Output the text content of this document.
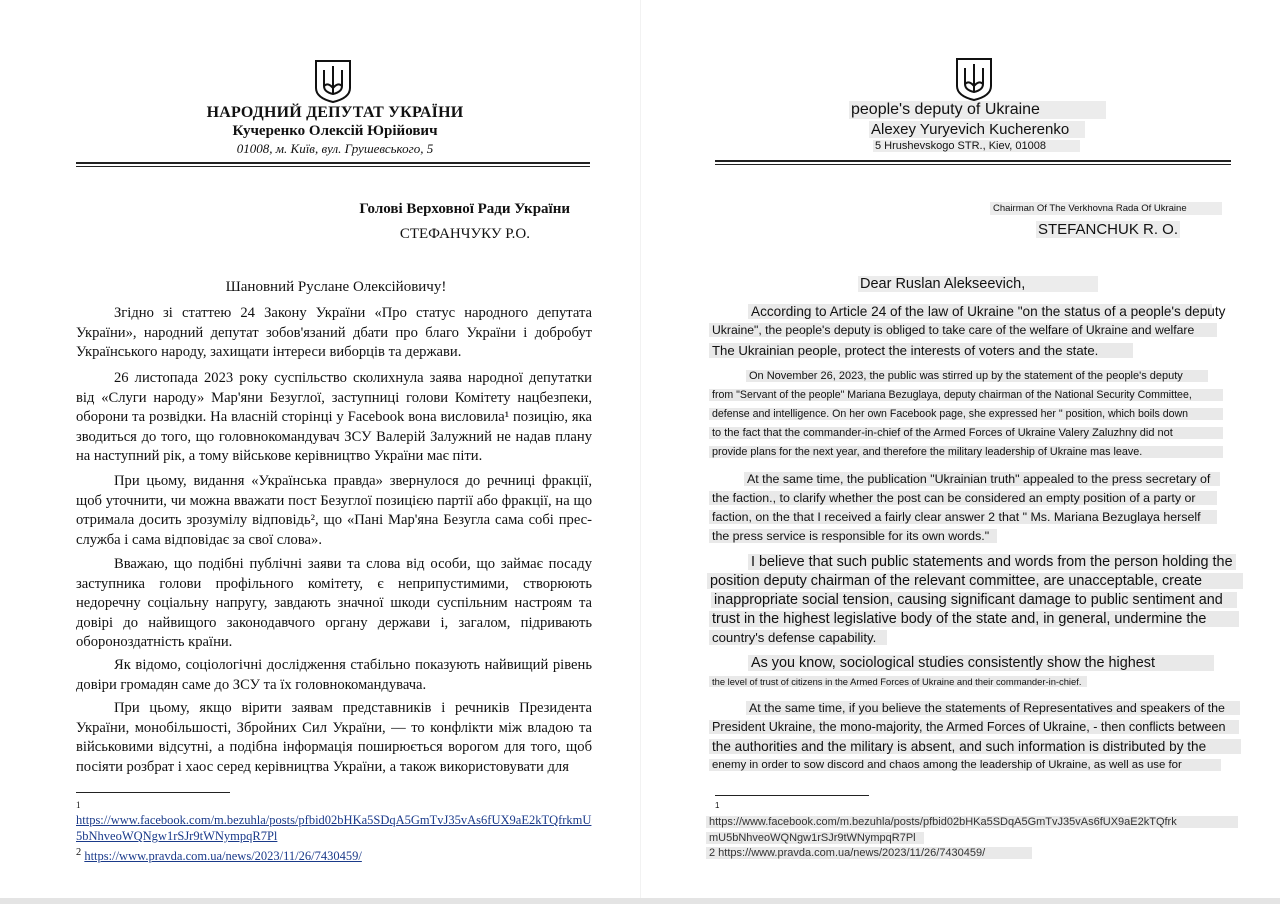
НАРОДНИЙ ДЕПУТАТ УКРАЇНИ
Кучеренко Олексій Юрійович
01008, м. Київ, вул. Грушевського, 5
Голові Верховної Ради України
СТЕФАНЧУКУ Р.О.
Шановний Руслане Олексійовичу!
Згідно зі статтею 24 Закону України «Про статус народного депутата України», народний депутат зобов'язаний дбати про благо України і добробут Українського народу, захищати інтереси виборців та держави.
26 листопада 2023 року суспільство сколихнула заява народної депутатки від «Слуги народу» Мар'яни Безуглої, заступниці голови Комітету нацбезпеки, оборони та розвідки. На власній сторінці у Facebook вона висловила¹ позицію, яка зводиться до того, що головнокомандувач ЗСУ Валерій Залужний не надав плану на наступний рік, а тому військове керівництво України має піти.
При цьому, видання «Українська правда» звернулося до речниці фракції, щоб уточнити, чи можна вважати пост Безуглої позицією партії або фракції, на що отримала досить зрозумілу відповідь², що «Пані Мар'яна Безугла сама собі прес-служба і сама відповідає за свої слова».
Вважаю, що подібні публічні заяви та слова від особи, що займає посаду заступника голови профільного комітету, є неприпустимими, створюють недоречну соціальну напругу, завдають значної шкоди суспільним настроям та довірі до найвищого законодавчого органу держави і, загалом, підривають обороноздатність країни.
Як відомо, соціологічні дослідження стабільно показують найвищий рівень довіри громадян саме до ЗСУ та їх головнокомандувача.
При цьому, якщо вірити заявам представників і речників Президента України, монобільшості, Збройних Сил України, — то конфлікти між владою та військовими відсутні, а подібна інформація поширюється ворогом для того, щоб посіяти розбрат і хаос серед керівництва України, а також використовувати для
1
https://www.facebook.com/m.bezuhla/posts/pfbid02bHKa5SDqA5GmTvJ35vAs6fUX9aE2kTQfrkmU5bNhveoWQNgw1rSJr9tWNympqR7Pl
$^2$ https://www.pravda.com.ua/news/2023/11/26/7430459/
people's deputy of Ukraine
Alexey Yuryevich Kucherenko
5 Hrushevskogo STR., Kiev, 01008
Chairman Of The Verkhovna Rada Of Ukraine
STEFANCHUK R. O.
Dear Ruslan Alekseevich,
According to Article 24 of the law of Ukraine "on the status of a people's deputy
Ukraine", the people's deputy is obliged to take care of the welfare of Ukraine and welfare
The Ukrainian people, protect the interests of voters and the state.
On November 26, 2023, the public was stirred up by the statement of the people's deputy
from "Servant of the people" Mariana Bezuglaya, deputy chairman of the National Security Committee,
defense and intelligence. On her own Facebook page, she expressed her " position, which boils down
to the fact that the commander-in-chief of the Armed Forces of Ukraine Valery Zaluzhny did not
provide plans for the next year, and therefore the military leadership of Ukraine mas leave.
At the same time, the publication "Ukrainian truth" appealed to the press secretary of
the faction., to clarify whether the post can be considered an empty position of a party or
faction, on the that I received a fairly clear answer 2 that " Ms. Mariana Bezuglaya herself
the press service is responsible for its own words."
I believe that such public statements and words from the person holding the
position deputy chairman of the relevant committee, are unacceptable, create
inappropriate social tension, causing significant damage to public sentiment and
trust in the highest legislative body of the state and, in general, undermine the
country's defense capability.
As you know, sociological studies consistently show the highest
the level of trust of citizens in the Armed Forces of Ukraine and their commander-in-chief.
At the same time, if you believe the statements of Representatives and speakers of the
President Ukraine, the mono-majority, the Armed Forces of Ukraine, - then conflicts between
the authorities and the military is absent, and such information is distributed by the
enemy in order to sow discord and chaos among the leadership of Ukraine, as well as use for
1
https://www.facebook.com/m.bezuhla/posts/pfbid02bHKa5SDqA5GmTvJ35vAs6fUX9aE2kTQfrk
mU5bNhveoWQNgw1rSJr9tWNympqR7Pl
2 https://www.pravda.com.ua/news/2023/11/26/7430459/
